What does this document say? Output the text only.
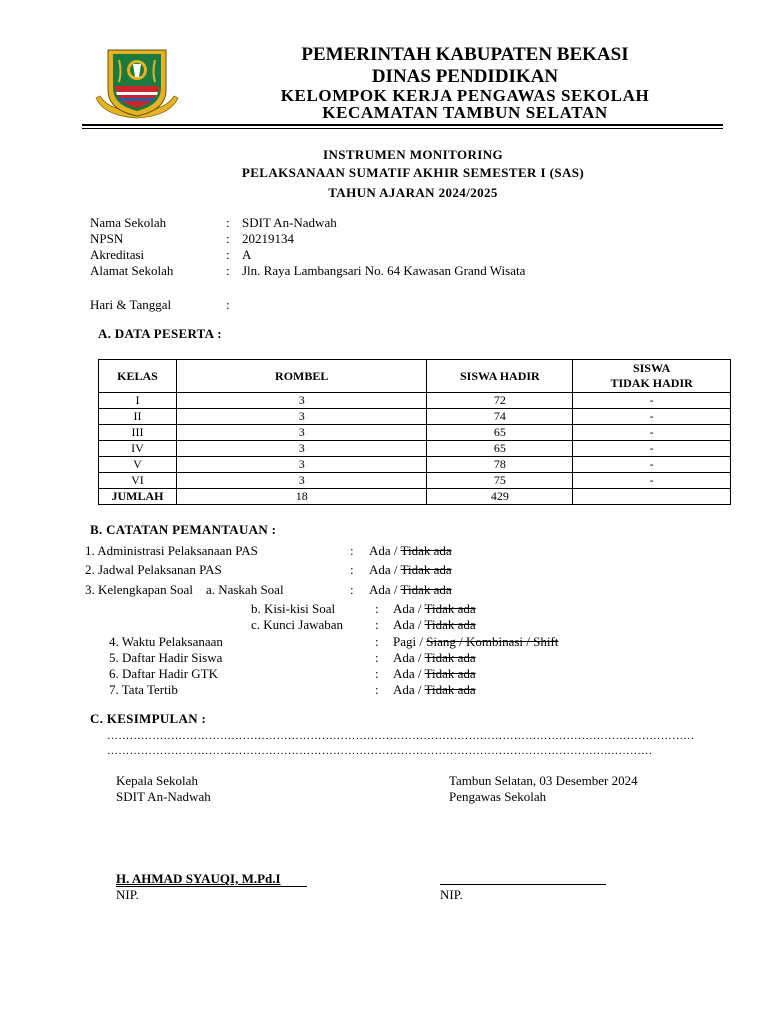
PEMERINTAH KABUPATEN BEKASI
DINAS PENDIDIKAN
KELOMPOK KERJA PENGAWAS SEKOLAH
KECAMATAN TAMBUN SELATAN
INSTRUMEN MONITORING
PELAKSANAAN SUMATIF AKHIR SEMESTER I (SAS)
TAHUN AJARAN 2024/2025
Nama Sekolah	: SDIT An-Nadwah
NPSN	: 20219134
Akreditasi	: A
Alamat Sekolah	: Jln. Raya Lambangsari No. 64 Kawasan Grand Wisata
Hari & Tanggal	:
A. DATA PESERTA :
KELAS	ROMBEL	SISWA HADIR	SISWA
TIDAK HADIR
I	3	72	-
II	3	74	-
III	3	65	-
IV	3	65	-
V	3	78	-
VI	3	75	-
JUMLAH	18	429	
B. CATATAN PEMANTAUAN :
1. Administrasi Pelaksanaan PAS	: Ada / Tidak ada
2. Jadwal Pelaksanan PAS	: Ada / Tidak ada
3. Kelengkapan Soal    a. Naskah Soal	: Ada / Tidak ada
b. Kisi-kisi Soal	: Ada / Tidak ada
c. Kunci Jawaban : Ada / Tidak ada
4. Waktu Pelaksanaan	: Pagi / Siang / Kombinasi / Shift
5. Daftar Hadir Siswa	: Ada / Tidak ada
6. Daftar Hadir GTK	: Ada / Tidak ada
7. Tata Tertib	: Ada / Tidak ada
C. KESIMPULAN :
…………………………………………………………………………………………………………………………………………
…………………………………………………………………………………………………………………….…………
Kepala Sekolah
SDIT An-Nadwah
H. AHMAD SYAUQI, M.Pd.I
NIP.
Tambun Selatan, 03 Desember 2024
Pengawas Sekolah
NIP.
